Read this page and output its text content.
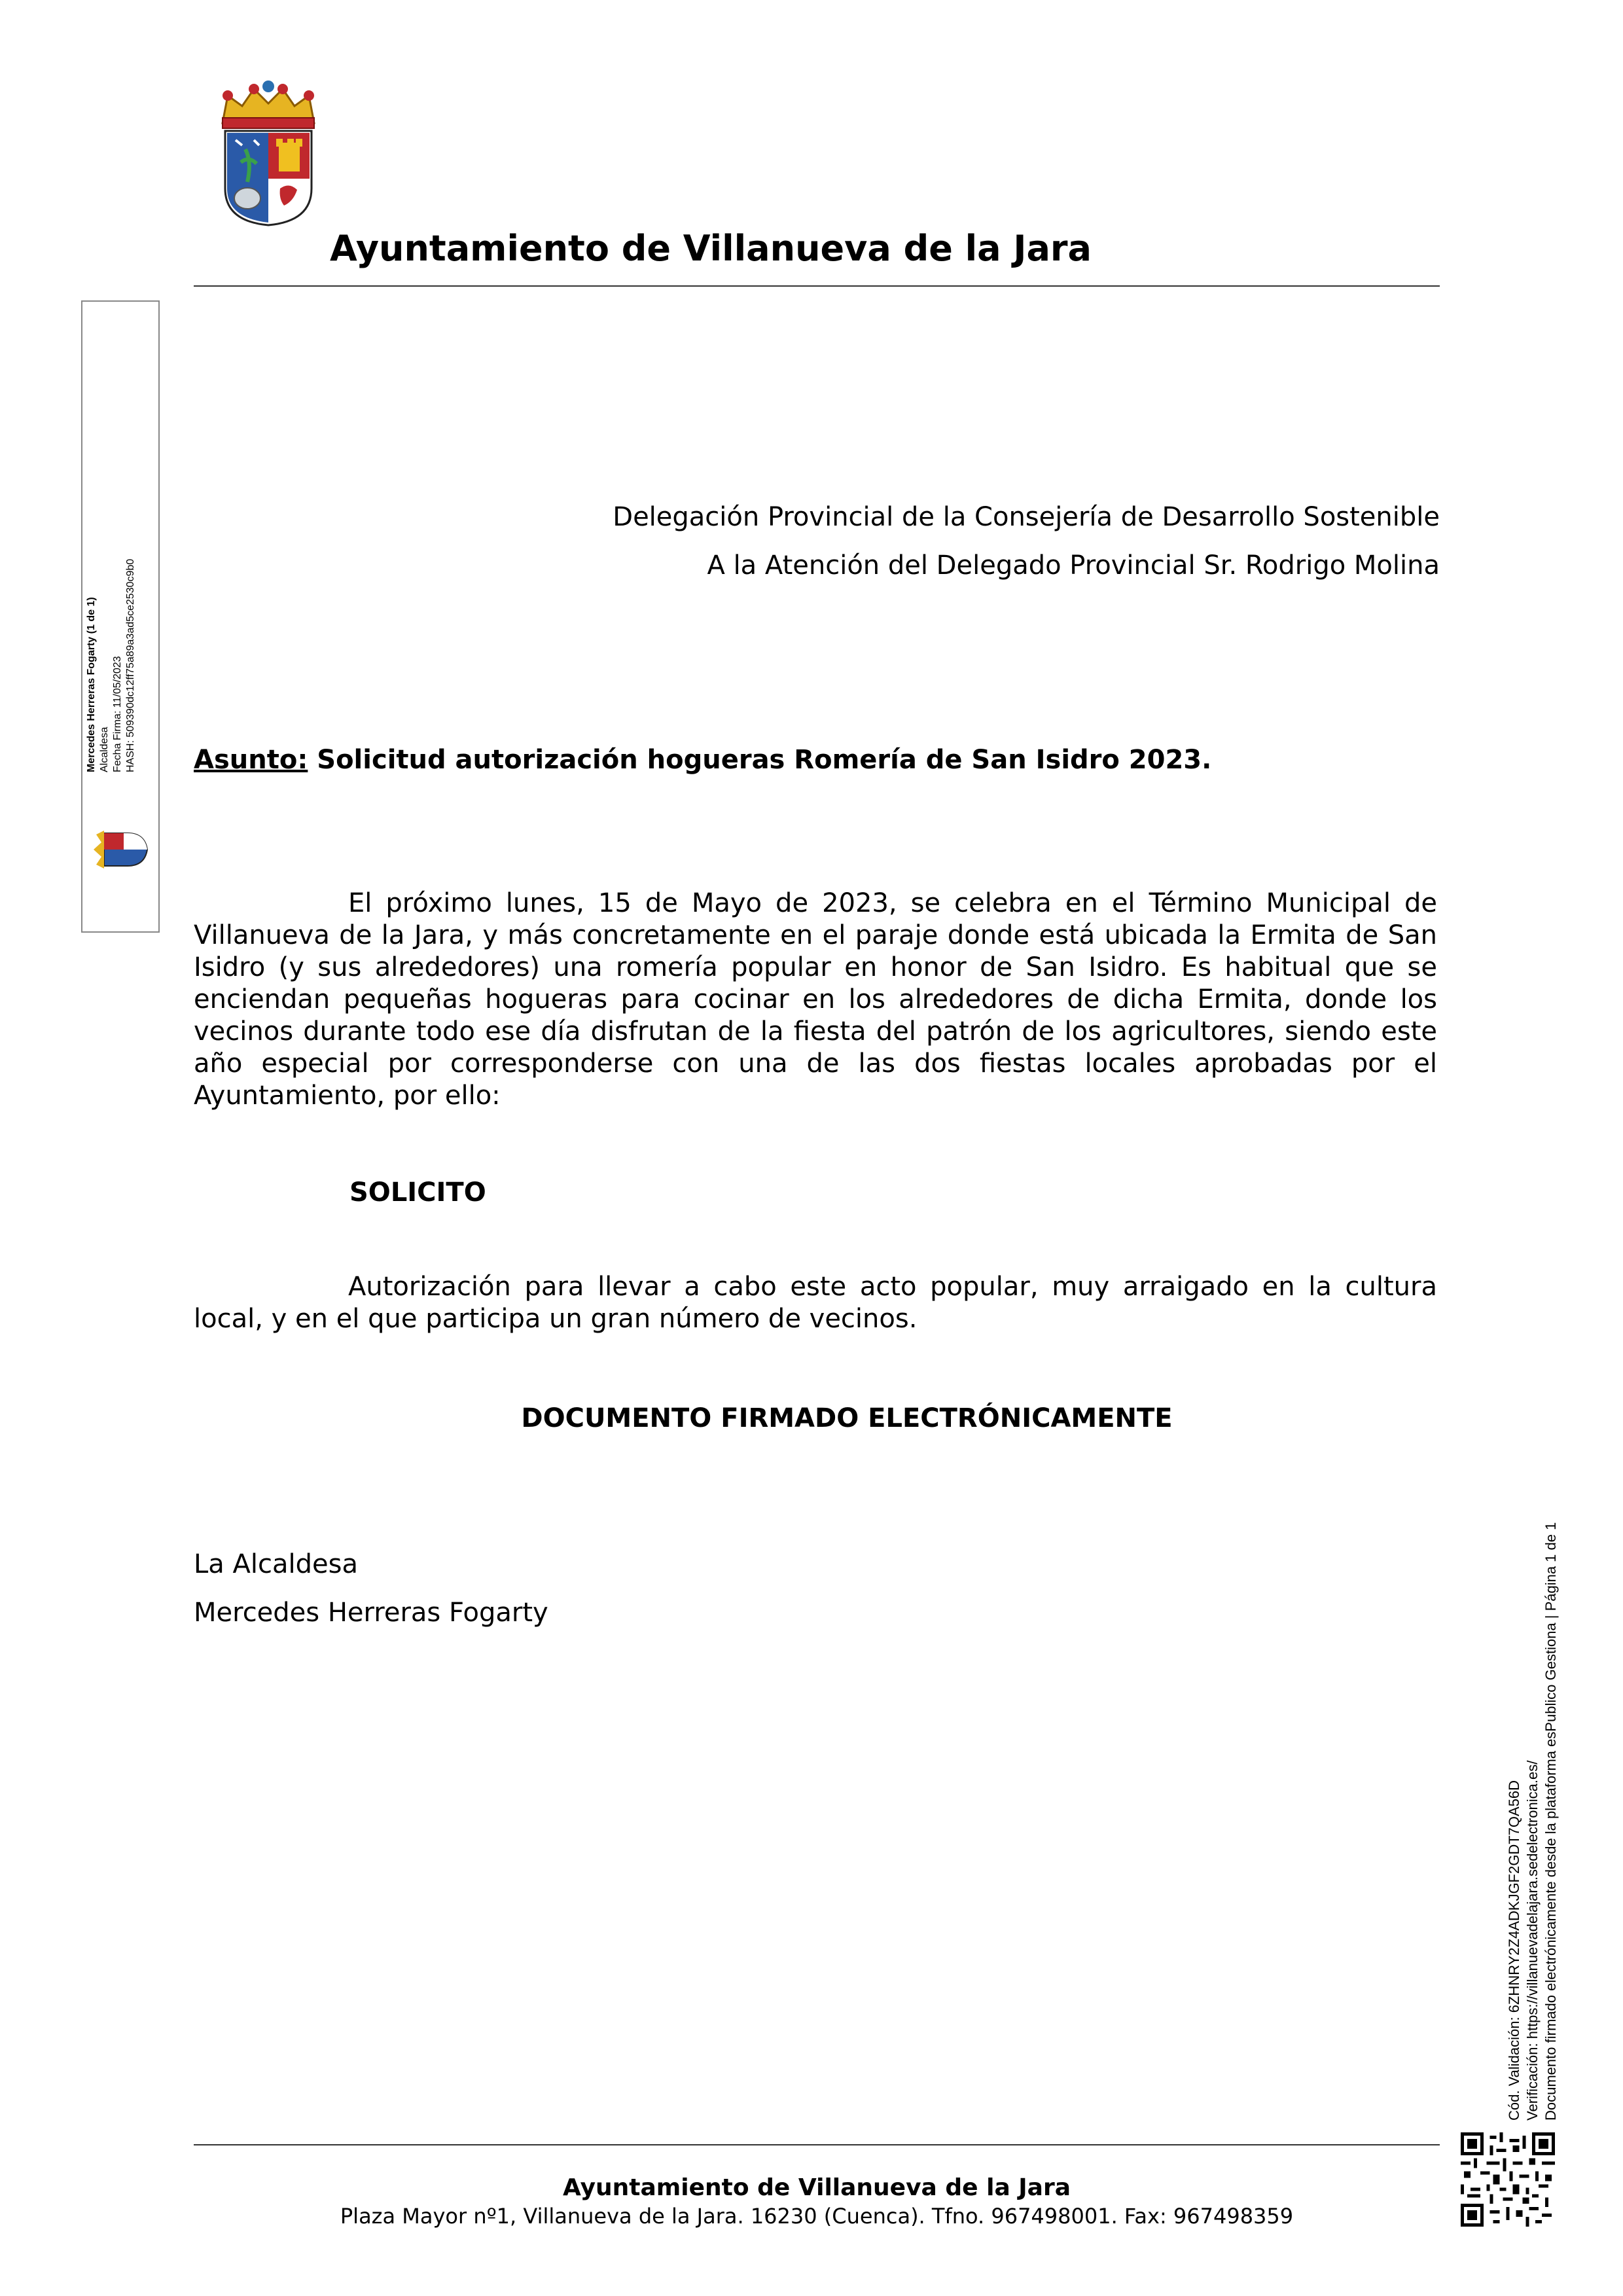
Ayuntamiento de Villanueva de la Jara
Mercedes Herreras Fogarty (1 de 1) Alcaldesa Fecha Firma: 11/05/2023 HASH: 509390dc12ff75a89a3ad5ce2530c9b0
Delegación Provincial de la Consejería de Desarrollo Sostenible
A la Atención del Delegado Provincial Sr. Rodrigo Molina
Asunto: Solicitud autorización hogueras Romería de San Isidro 2023.
El próximo lunes, 15 de Mayo de 2023, se celebra en el Término Municipal de Villanueva de la Jara, y más concretamente en el paraje donde está ubicada la Ermita de San Isidro (y sus alrededores) una romería popular en honor de San Isidro. Es habitual que se enciendan pequeñas hogueras para cocinar en los alrededores de dicha Ermita, donde los vecinos durante todo ese día disfrutan de la fiesta del patrón de los agricultores, siendo este año especial por corresponderse con una de las dos fiestas locales aprobadas por el Ayuntamiento, por ello:
SOLICITO
Autorización para llevar a cabo este acto popular, muy arraigado en la cultura local, y en el que participa un gran número de vecinos.
DOCUMENTO FIRMADO ELECTRÓNICAMENTE
La Alcaldesa
Mercedes Herreras Fogarty
Cód. Validación: 6ZHNRY2Z4ADKJGF2GDT7QA56D Verificación: https://villanuevadelajara.sedelectronica.es/ Documento firmado electrónicamente desde la plataforma esPublico Gestiona | Página 1 de 1
Ayuntamiento de Villanueva de la Jara
Plaza Mayor nº1, Villanueva de la Jara. 16230 (Cuenca). Tfno. 967498001. Fax: 967498359
